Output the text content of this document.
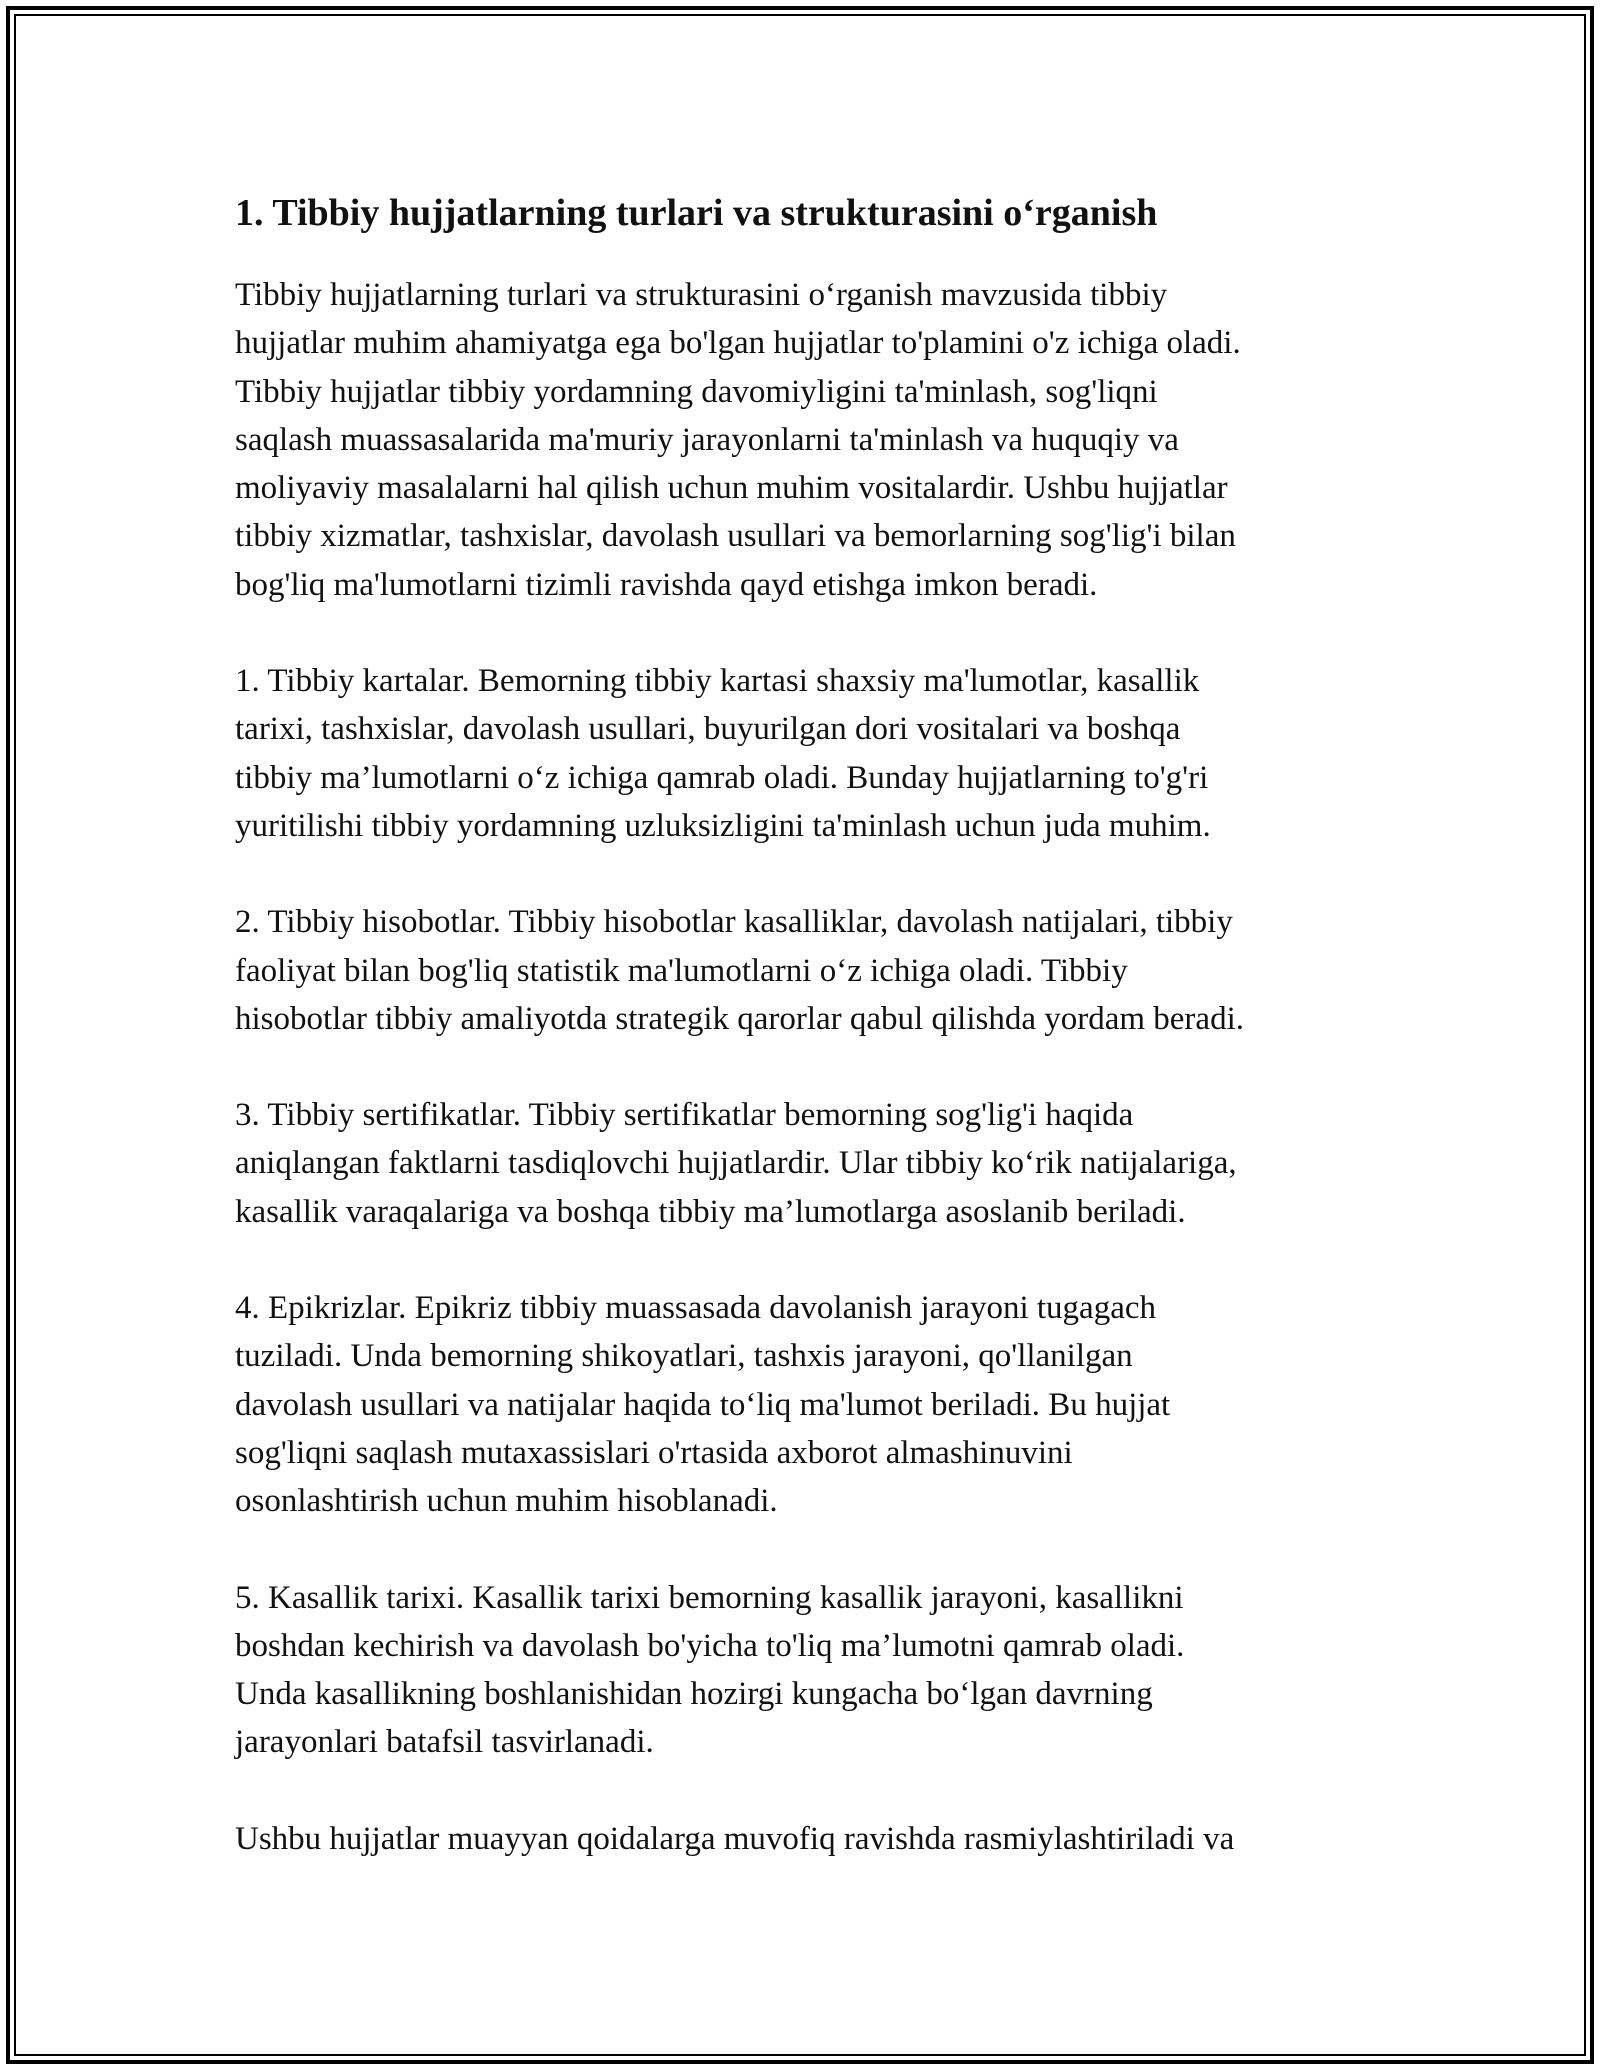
1. Tibbiy hujjatlarning turlari va strukturasini o‘rganish

Tibbiy hujjatlarning turlari va strukturasini o‘rganish mavzusida tibbiy
hujjatlar muhim ahamiyatga ega bo'lgan hujjatlar to'plamini o'z ichiga oladi.
Tibbiy hujjatlar tibbiy yordamning davomiyligini ta'minlash, sog'liqni
saqlash muassasalarida ma'muriy jarayonlarni ta'minlash va huquqiy va
moliyaviy masalalarni hal qilish uchun muhim vositalardir. Ushbu hujjatlar
tibbiy xizmatlar, tashxislar, davolash usullari va bemorlarning sog'lig'i bilan
bog'liq ma'lumotlarni tizimli ravishda qayd etishga imkon beradi.

1. Tibbiy kartalar. Bemorning tibbiy kartasi shaxsiy ma'lumotlar, kasallik
tarixi, tashxislar, davolash usullari, buyurilgan dori vositalari va boshqa
tibbiy ma’lumotlarni o‘z ichiga qamrab oladi. Bunday hujjatlarning to'g'ri
yuritilishi tibbiy yordamning uzluksizligini ta'minlash uchun juda muhim.

2. Tibbiy hisobotlar. Tibbiy hisobotlar kasalliklar, davolash natijalari, tibbiy
faoliyat bilan bog'liq statistik ma'lumotlarni o‘z ichiga oladi. Tibbiy
hisobotlar tibbiy amaliyotda strategik qarorlar qabul qilishda yordam beradi.

3. Tibbiy sertifikatlar. Tibbiy sertifikatlar bemorning sog'lig'i haqida
aniqlangan faktlarni tasdiqlovchi hujjatlardir. Ular tibbiy ko‘rik natijalariga,
kasallik varaqalariga va boshqa tibbiy ma’lumotlarga asoslanib beriladi.

4. Epikrizlar. Epikriz tibbiy muassasada davolanish jarayoni tugagach
tuziladi. Unda bemorning shikoyatlari, tashxis jarayoni, qo'llanilgan
davolash usullari va natijalar haqida to‘liq ma'lumot beriladi. Bu hujjat
sog'liqni saqlash mutaxassislari o'rtasida axborot almashinuvini
osonlashtirish uchun muhim hisoblanadi.

5. Kasallik tarixi. Kasallik tarixi bemorning kasallik jarayoni, kasallikni
boshdan kechirish va davolash bo'yicha to'liq ma’lumotni qamrab oladi.
Unda kasallikning boshlanishidan hozirgi kungacha bo‘lgan davrning
jarayonlari batafsil tasvirlanadi.

Ushbu hujjatlar muayyan qoidalarga muvofiq ravishda rasmiylashtiriladi va
